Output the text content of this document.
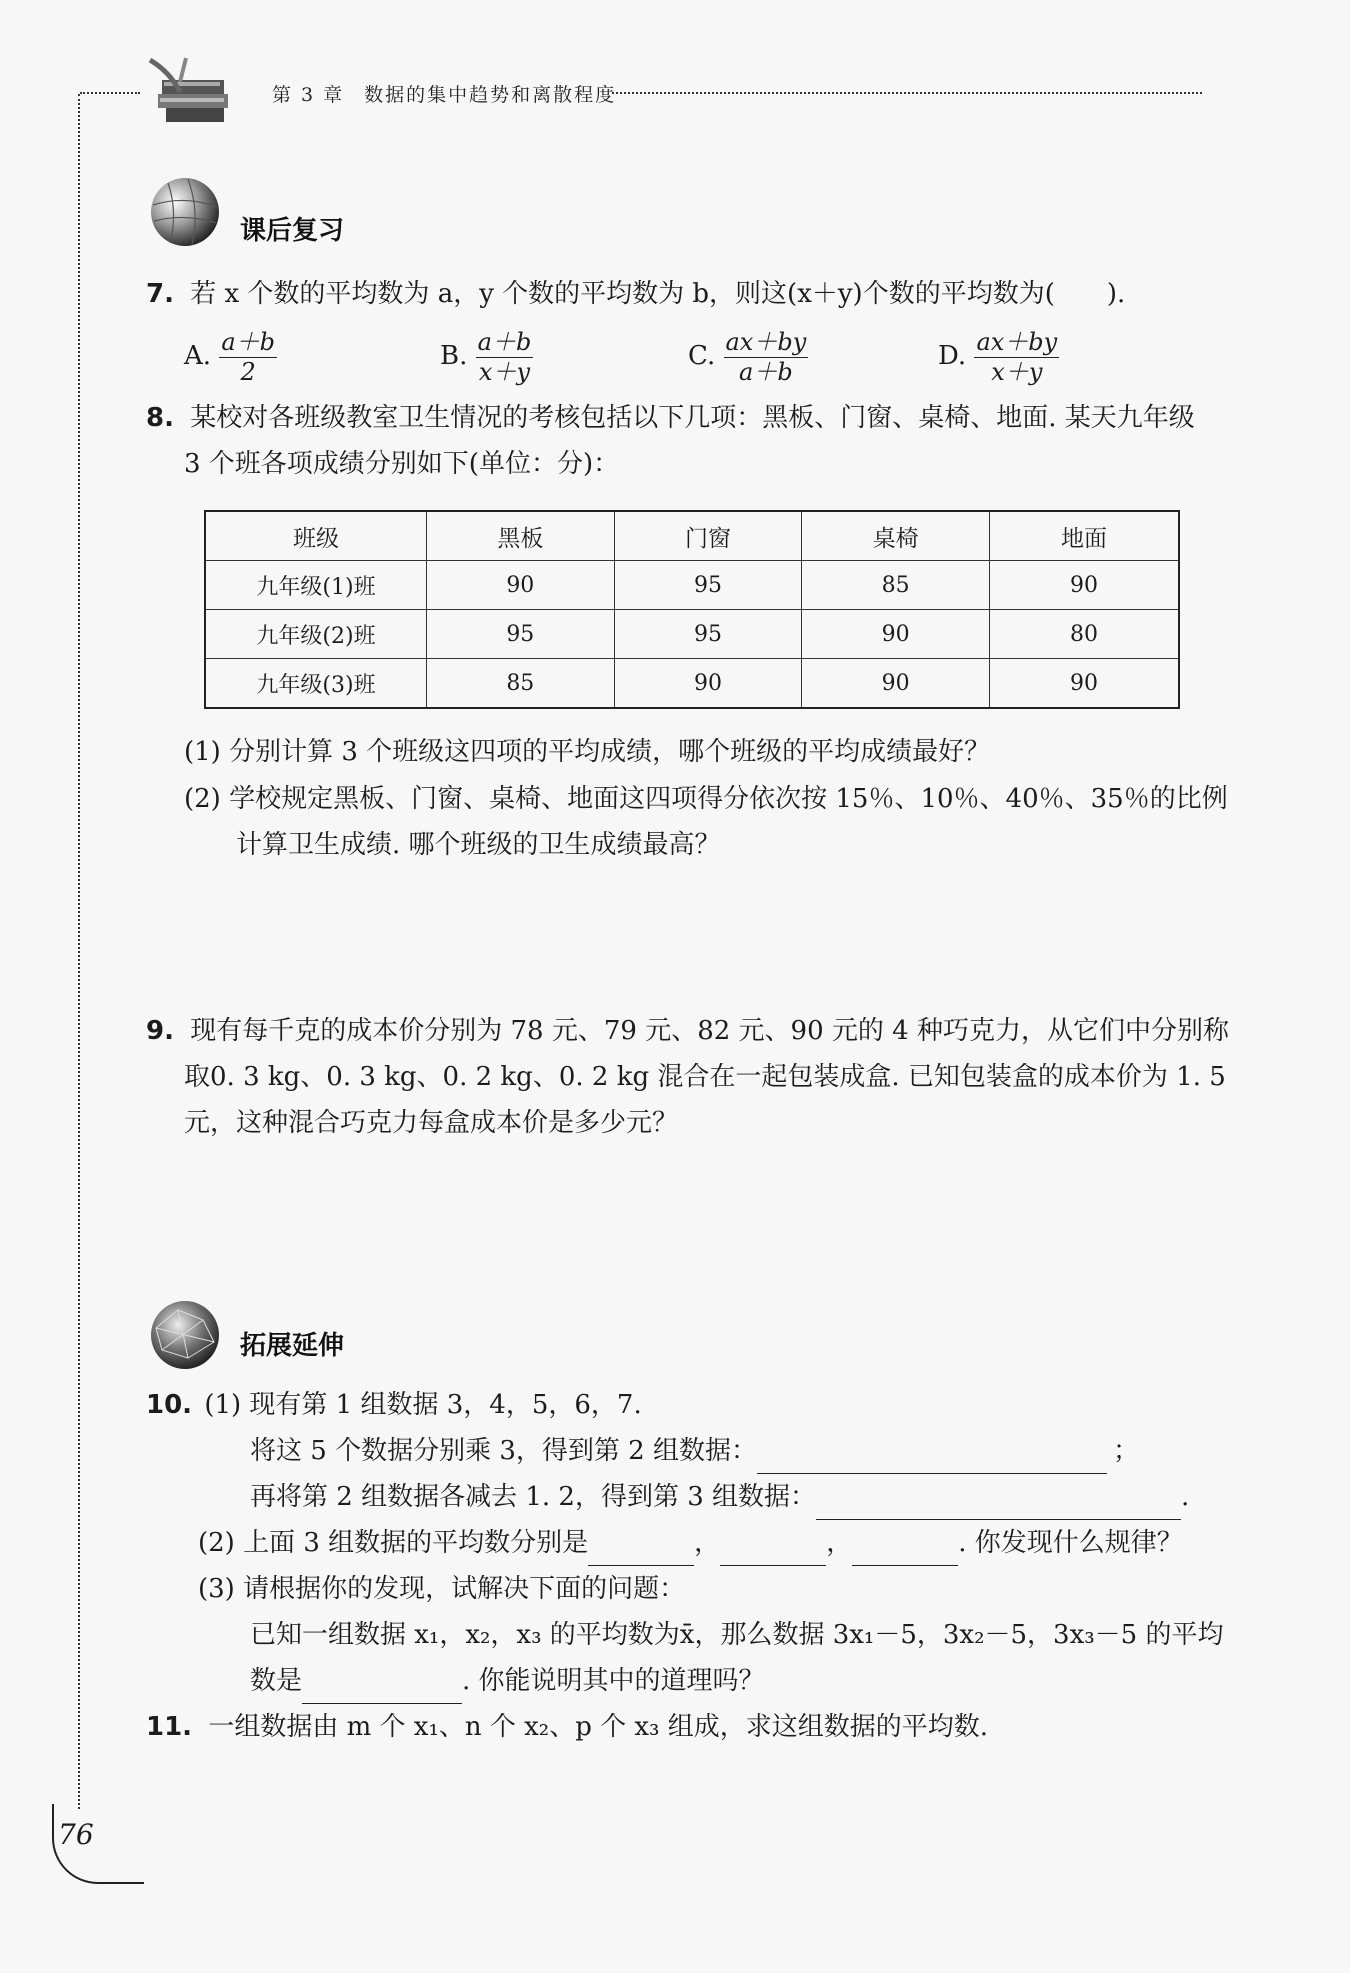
第 3 章 数据的集中趋势和离散程度
课后复习
7. 若 x 个数的平均数为 a，y 个数的平均数为 b，则这(x＋y)个数的平均数为(　　).
A. $\frac{a+b}{2}$	B. $\frac{a+b}{x+y}$	C. $\frac{ax+by}{a+b}$	D. $\frac{ax+by}{x+y}$
8. 某校对各班级教室卫生情况的考核包括以下几项：黑板、门窗、桌椅、地面. 某天九年级
3 个班各项成绩分别如下(单位：分)：
班级	黑板	门窗	桌椅	地面
九年级(1)班	90	95	85	90
九年级(2)班	95	95	90	80
九年级(3)班	85	90	90	90
(1) 分别计算 3 个班级这四项的平均成绩，哪个班级的平均成绩最好？
(2) 学校规定黑板、门窗、桌椅、地面这四项得分依次按 15％、10％、40％、35％的比例
计算卫生成绩. 哪个班级的卫生成绩最高？
9. 现有每千克的成本价分别为 78 元、79 元、82 元、90 元的 4 种巧克力，从它们中分别称
取0. 3 kg、0. 3 kg、0. 2 kg、0. 2 kg 混合在一起包装成盒. 已知包装盒的成本价为 1. 5
元，这种混合巧克力每盒成本价是多少元？
拓展延伸
10. (1) 现有第 1 组数据 3，4，5，6，7.
将这 5 个数据分别乘 3，得到第 2 组数据：	；
再将第 2 组数据各减去 1. 2，得到第 3 组数据：	.
(2) 上面 3 组数据的平均数分别是	，	，	. 你发现什么规律？
(3) 请根据你的发现，试解决下面的问题：
已知一组数据 x₁，x₂，x₃ 的平均数为x̄，那么数据 3x₁－5，3x₂－5，3x₃－5 的平均
数是	. 你能说明其中的道理吗？
11. 一组数据由 m 个 x₁、n 个 x₂、p 个 x₃ 组成，求这组数据的平均数.
76
